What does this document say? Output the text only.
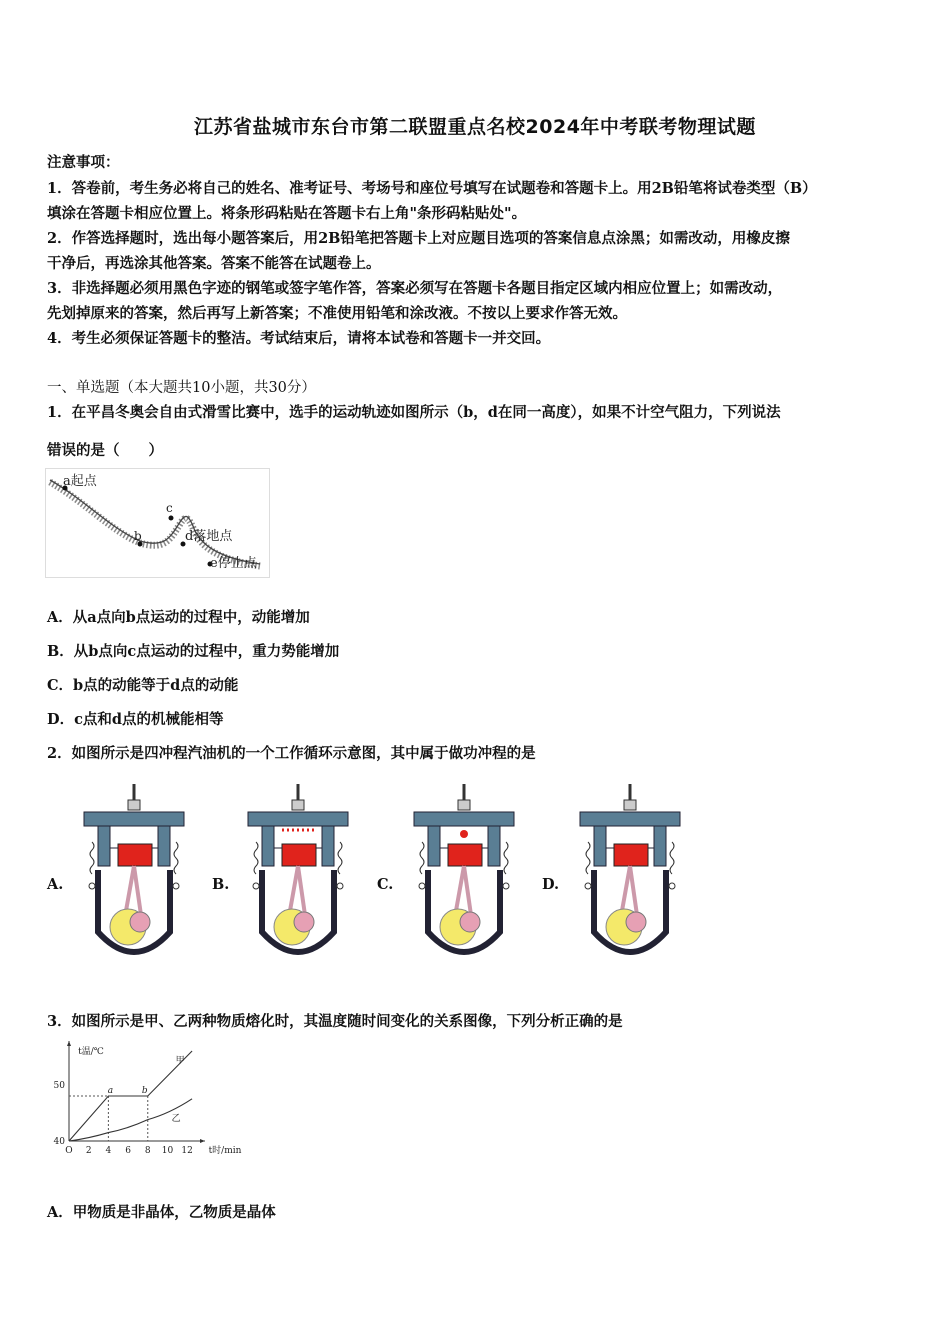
江苏省盐城市东台市第二联盟重点名校2024年中考联考物理试题
注意事项：
1．答卷前，考生务必将自己的姓名、准考证号、考场号和座位号填写在试题卷和答题卡上。用2B铅笔将试卷类型（B）
填涂在答题卡相应位置上。将条形码粘贴在答题卡右上角"条形码粘贴处"。
2．作答选择题时，选出每小题答案后，用2B铅笔把答题卡上对应题目选项的答案信息点涂黑；如需改动，用橡皮擦
干净后，再选涂其他答案。答案不能答在试题卷上。
3．非选择题必须用黑色字迹的钢笔或签字笔作答，答案必须写在答题卡各题目指定区域内相应位置上；如需改动，
先划掉原来的答案，然后再写上新答案；不准使用铅笔和涂改液。不按以上要求作答无效。
4．考生必须保证答题卡的整洁。考试结束后，请将本试卷和答题卡一并交回。
一、单选题（本大题共10小题，共30分）
1．在平昌冬奥会自由式滑雪比赛中，选手的运动轨迹如图所示（b，d在同一高度），如果不计空气阻力，下列说法
错误的是（　　）
a起点
b
c
d落地点
e停止点
A．从a点向b点运动的过程中，动能增加
B．从b点向c点运动的过程中，重力势能增加
C．b点的动能等于d点的动能
D．c点和d点的机械能相等
2．如图所示是四冲程汽油机的一个工作循环示意图，其中属于做功冲程的是
A.	B.	C.	D.
3．如图所示是甲、乙两种物质熔化时，其温度随时间变化的关系图像，下列分析正确的是
O 2 4 6 8 10 12 t时/min
40
50
t温/℃
甲
乙
a	b
A．甲物质是非晶体，乙物质是晶体
